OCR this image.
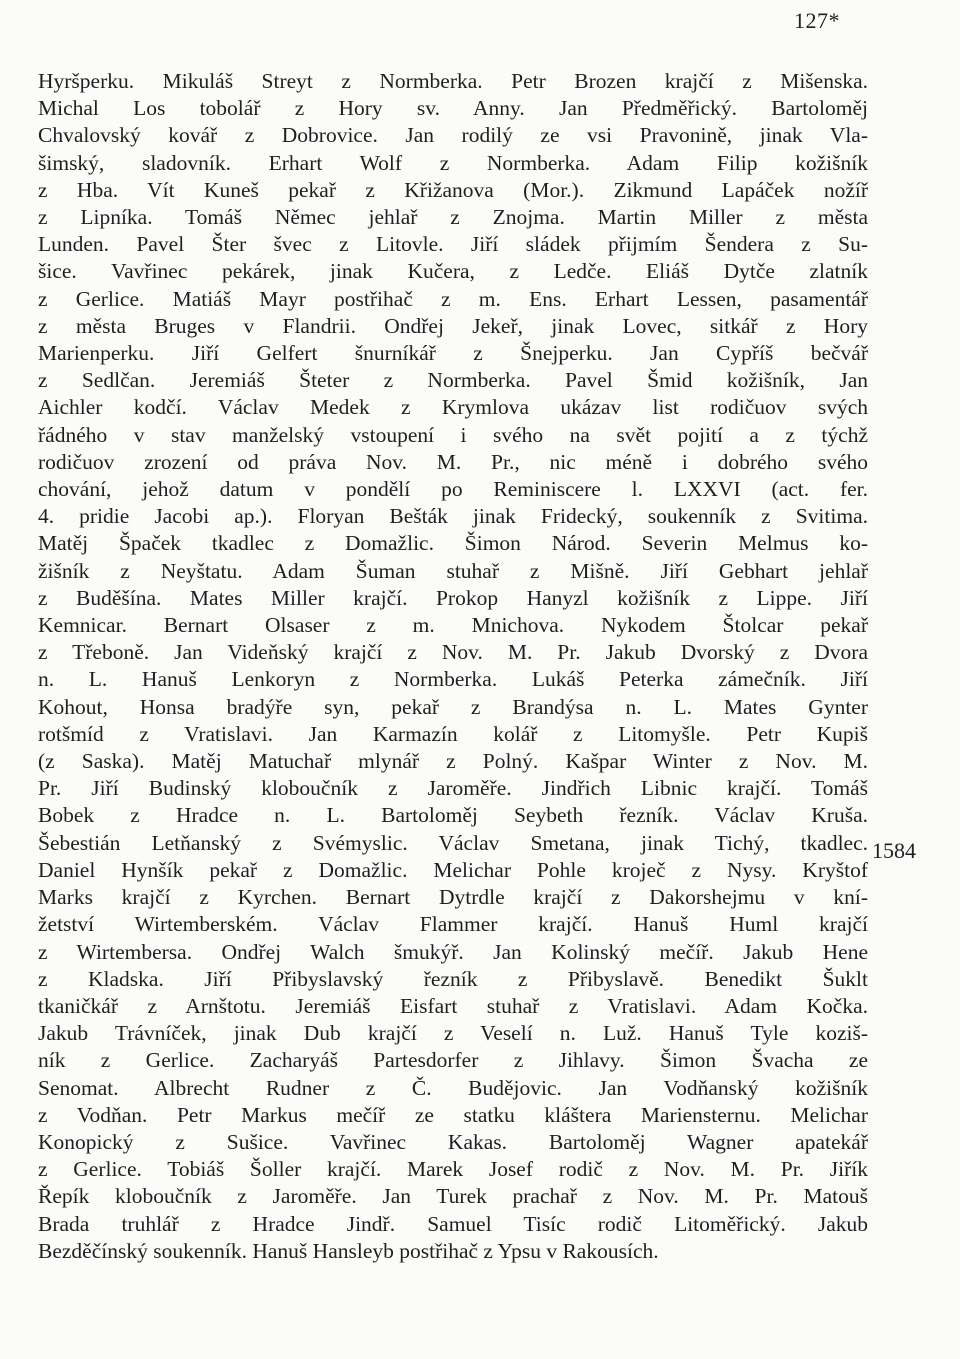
127*
Hyršperku. Mikuláš Streyt z Normberka. Petr Brozen krajčí z Mišenska.
Michal Los tobolář z Hory sv. Anny. Jan Předměřický. Bartoloměj
Chvalovský kovář z Dobrovice. Jan rodilý ze vsi Pravonině, jinak Vla-
šimský, sladovník. Erhart Wolf z Normberka. Adam Filip kožišník
z Hba. Vít Kuneš pekař z Křižanova (Mor.). Zikmund Lapáček nožíř
z Lipníka. Tomáš Němec jehlař z Znojma. Martin Miller z města
Lunden. Pavel Šter švec z Litovle. Jiří sládek přijmím Šendera z Su-
šice. Vavřinec pekárek, jinak Kučera, z Ledče. Eliáš Dytče zlatník
z Gerlice. Matiáš Mayr postřihač z m. Ens. Erhart Lessen, pasamentář
z města Bruges v Flandrii. Ondřej Jekeř, jinak Lovec, sitkář z Hory
Marienperku. Jiří Gelfert šnurníkář z Šnejperku. Jan Cypříš bečvář
z Sedlčan. Jeremiáš Šteter z Normberka. Pavel Šmid kožišník, Jan
Aichler kodčí. Václav Medek z Krymlova ukázav list rodičuov svých
řádného v stav manželský vstoupení i svého na svět pojití a z týchž
rodičuov zrození od práva Nov. M. Pr., nic méně i dobrého svého
chování, jehož datum v pondělí po Reminiscere l. LXXVI (act. fer.
4. pridie Jacobi ap.). Floryan Bešták jinak Fridecký, soukenník z Svitima.
Matěj Špaček tkadlec z Domažlic. Šimon Národ. Severin Melmus ko-
žišník z Neyštatu. Adam Šuman stuhař z Mišně. Jiří Gebhart jehlař
z Buděšína. Mates Miller krajčí. Prokop Hanyzl kožišník z Lippe. Jiří
Kemnicar. Bernart Olsaser z m. Mnichova. Nykodem Štolcar pekař
z Třeboně. Jan Videňský krajčí z Nov. M. Pr. Jakub Dvorský z Dvora
n. L. Hanuš Lenkoryn z Normberka. Lukáš Peterka zámečník. Jiří
Kohout, Honsa bradýře syn, pekař z Brandýsa n. L. Mates Gynter
rotšmíd z Vratislavi. Jan Karmazín kolář z Litomyšle. Petr Kupiš
(z Saska). Matěj Matuchař mlynář z Polný. Kašpar Winter z Nov. M.
Pr. Jiří Budinský kloboučník z Jaroměře. Jindřich Libnic krajčí. Tomáš
Bobek z Hradce n. L. Bartoloměj Seybeth řezník. Václav Kruša.
Šebestián Letňanský z Svémyslic. Václav Smetana, jinak Tichý, tkadlec.
Daniel Hynšík pekař z Domažlic. Melichar Pohle kroječ z Nysy. Kryštof
Marks krajčí z Kyrchen. Bernart Dytrdle krajčí z Dakorshejmu v kní-
žetství Wirtemberském. Václav Flammer krajčí. Hanuš Huml krajčí
z Wirtembersa. Ondřej Walch šmukýř. Jan Kolinský mečíř. Jakub Hene
z Kladska. Jiří Přibyslavský řezník z Přibyslavě. Benedikt Šuklt
tkaničkář z Arnštotu. Jeremiáš Eisfart stuhař z Vratislavi. Adam Kočka.
Jakub Trávníček, jinak Dub krajčí z Veselí n. Luž. Hanuš Tyle koziš-
ník z Gerlice. Zacharyáš Partesdorfer z Jihlavy. Šimon Švacha ze
Senomat. Albrecht Rudner z Č. Budějovic. Jan Vodňanský kožišník
z Vodňan. Petr Markus mečíř ze statku kláštera Mariensternu. Melichar
Konopický z Sušice. Vavřinec Kakas. Bartoloměj Wagner apatekář
z Gerlice. Tobiáš Šoller krajčí. Marek Josef rodič z Nov. M. Pr. Jiřík
Řepík kloboučník z Jaroměře. Jan Turek prachař z Nov. M. Pr. Matouš
Brada truhlář z Hradce Jindř. Samuel Tisíc rodič Litoměřický. Jakub
Bezděčínský soukenník. Hanuš Hansleyb postřihač z Ypsu v Rakousích.
1584
